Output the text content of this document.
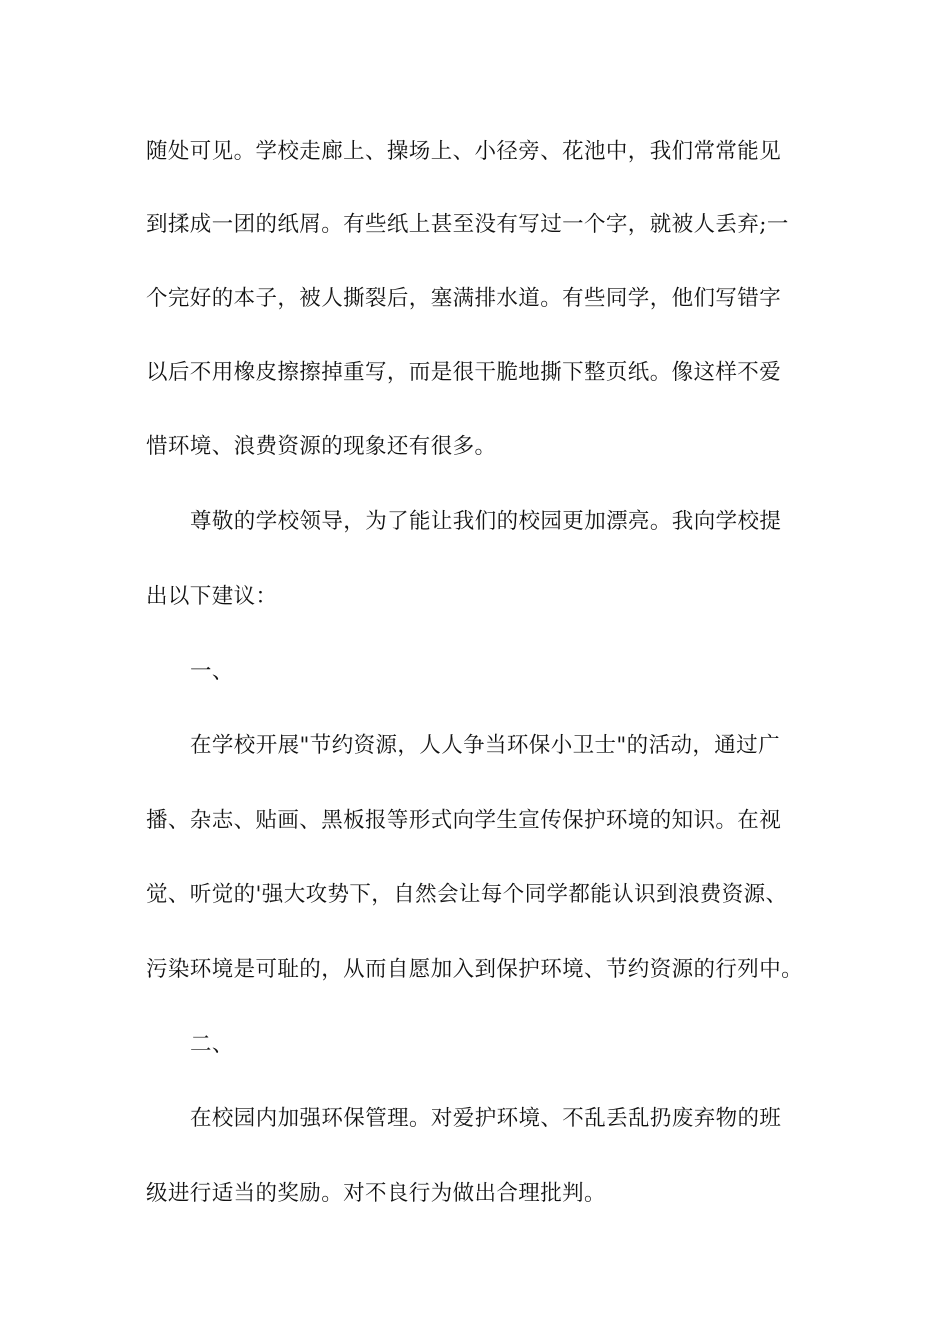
随处可见。学校走廊上、操场上、小径旁、花池中，我们常常能见
到揉成一团的纸屑。有些纸上甚至没有写过一个字，就被人丢弃;一
个完好的本子，被人撕裂后，塞满排水道。有些同学，他们写错字
以后不用橡皮擦擦掉重写，而是很干脆地撕下整页纸。像这样不爱
惜环境、浪费资源的现象还有很多。
尊敬的学校领导，为了能让我们的校园更加漂亮。我向学校提
出以下建议：
一、
在学校开展"节约资源，人人争当环保小卫士"的活动，通过广
播、杂志、贴画、黑板报等形式向学生宣传保护环境的知识。在视
觉、听觉的'强大攻势下，自然会让每个同学都能认识到浪费资源、
污染环境是可耻的，从而自愿加入到保护环境、节约资源的行列中。
二、
在校园内加强环保管理。对爱护环境、不乱丢乱扔废弃物的班
级进行适当的奖励。对不良行为做出合理批判。
